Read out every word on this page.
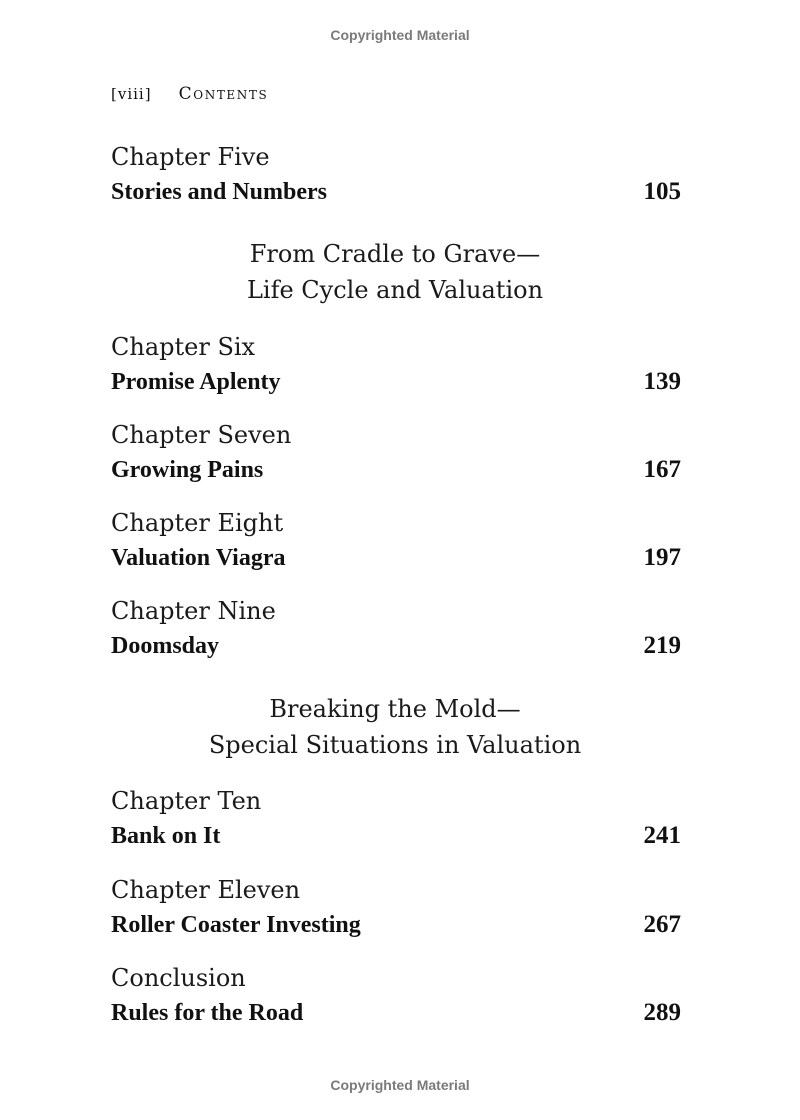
Copyrighted Material
[viii] Contents
Chapter Five
Stories and Numbers	105
From Cradle to Grave—
Life Cycle and Valuation
Chapter Six
Promise Aplenty	139
Chapter Seven
Growing Pains	167
Chapter Eight
Valuation Viagra	197
Chapter Nine
Doomsday	219
Breaking the Mold—
Special Situations in Valuation
Chapter Ten
Bank on It	241
Chapter Eleven
Roller Coaster Investing	267
Conclusion
Rules for the Road	289
Copyrighted Material
